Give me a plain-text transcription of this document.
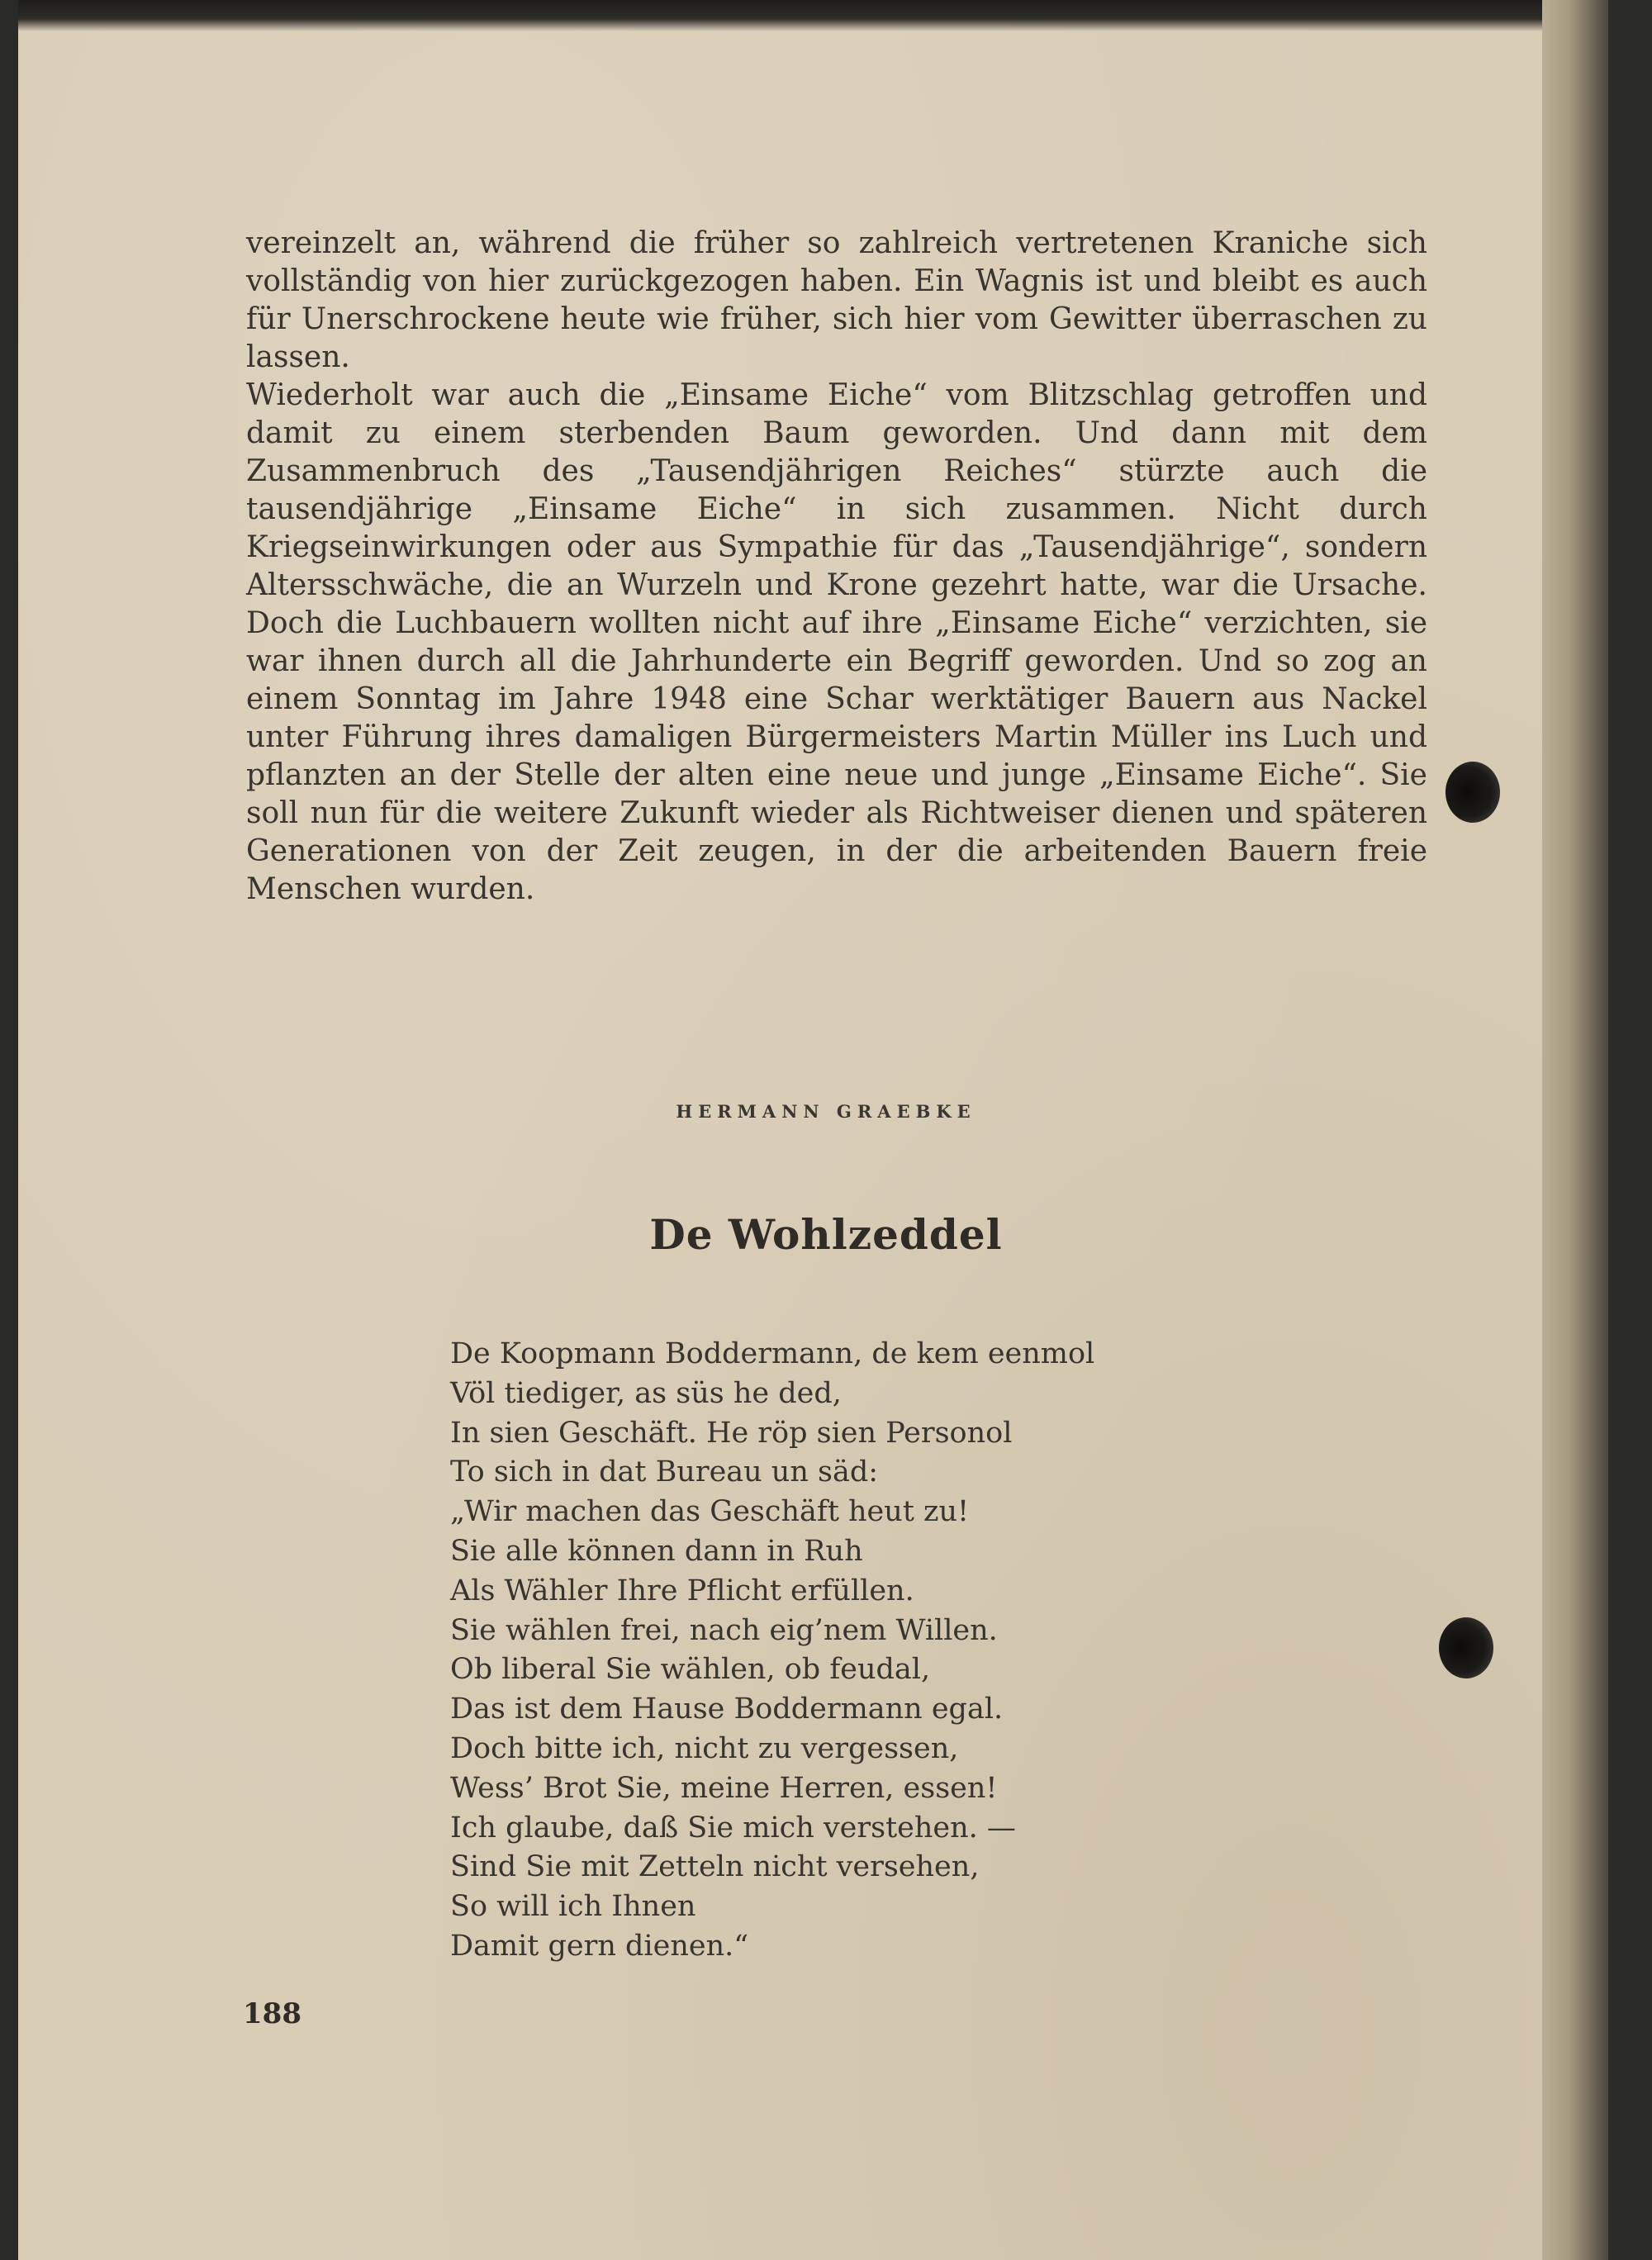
vereinzelt an, während die früher so zahlreich vertretenen Kraniche sich vollständig von hier zurückgezogen haben. Ein Wagnis ist und bleibt es auch für Unerschrockene heute wie früher, sich hier vom Gewitter überraschen zu lassen.

Wiederholt war auch die „Einsame Eiche“ vom Blitzschlag getroffen und damit zu einem sterbenden Baum geworden. Und dann mit dem Zusammenbruch des „Tausendjährigen Reiches“ stürzte auch die tausendjährige „Einsame Eiche“ in sich zusammen. Nicht durch Kriegseinwirkungen oder aus Sympathie für das „Tausendjährige“, sondern Altersschwäche, die an Wurzeln und Krone gezehrt hatte, war die Ursache. Doch die Luchbauern wollten nicht auf ihre „Einsame Eiche“ verzichten, sie war ihnen durch all die Jahrhunderte ein Begriff geworden. Und so zog an einem Sonntag im Jahre 1948 eine Schar werktätiger Bauern aus Nackel unter Führung ihres damaligen Bürgermeisters Martin Müller ins Luch und pflanzten an der Stelle der alten eine neue und junge „Einsame Eiche“. Sie soll nun für die weitere Zukunft wieder als Richtweiser dienen und späteren Generationen von der Zeit zeugen, in der die arbeitenden Bauern freie Menschen wurden.

HERMANN GRAEBKE
De Wohlzeddel
De Koopmann Boddermann, de kem eenmol
Völ tiediger, as süs he ded,
In sien Geschäft. He röp sien Personol
To sich in dat Bureau un säd:
„Wir machen das Geschäft heut zu!
Sie alle können dann in Ruh
Als Wähler Ihre Pflicht erfüllen.
Sie wählen frei, nach eig’nem Willen.
Ob liberal Sie wählen, ob feudal,
Das ist dem Hause Boddermann egal.
Doch bitte ich, nicht zu vergessen,
Wess’ Brot Sie, meine Herren, essen!
Ich glaube, daß Sie mich verstehen. —
Sind Sie mit Zetteln nicht versehen,
So will ich Ihnen
Damit gern dienen.“
188
